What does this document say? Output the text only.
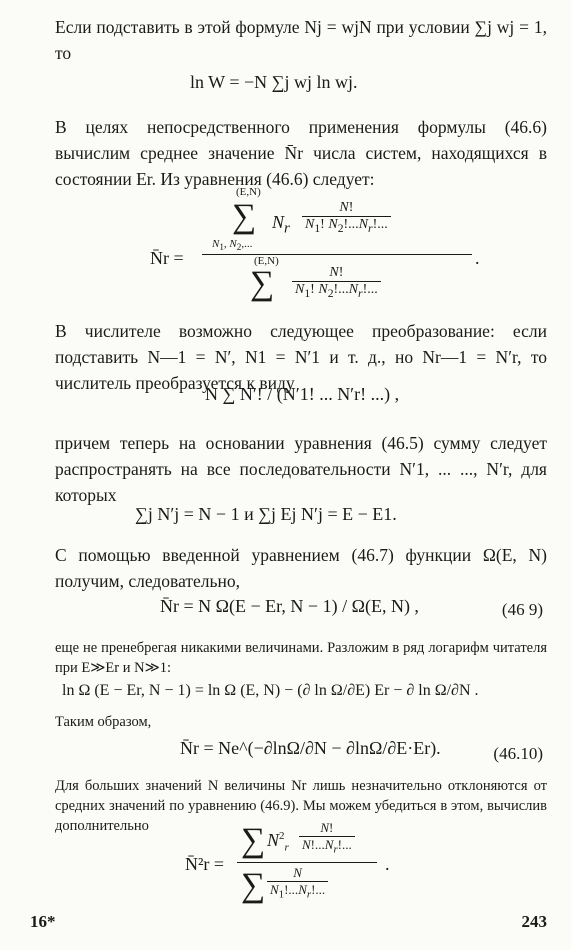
Если подставить в этой формуле Nj = wjN при условии ∑j wj = 1, то
ln W = −N ∑j wj ln wj.
В целях непосредственного применения формулы (46.6) вычислим среднее значение N̄r числа систем, находящихся в состоянии Er. Из уравнения (46.6) следует:
N̄r =
(E,N)
∑
$N_1$, $N_2$,...
$N_r \frac{N!}{N_1! N_2!...N_r!...}$
(E,N)
∑ $\frac{N!}{N_1! N_2!...N_r!...}$
.
В числителе возможно следующее преобразование: если подставить N—1 = N′, N1 = N′1 и т. д., но Nr—1 = N′r, то числитель преобразуется к виду
N ∑ N′! / (N′1! ... N′r! ...) ,
причем теперь на основании уравнения (46.5) сумму следует распространять на все последовательности N′1, ... ..., N′r, для которых
∑j N′j = N − 1 и ∑j Ej N′j = E − E1.
С помощью введенной уравнением (46.7) функции Ω(E, N) получим, следовательно,
N̄r = N Ω(E − Er, N − 1) / Ω(E, N) ,	(46 9)
еще не пренебрегая никакими величинами. Разложим в ряд логарифм читателя при E≫Er и N≫1:
ln Ω (E − Er, N − 1) = ln Ω (E, N) − (∂ ln Ω/∂E) Er − ∂ ln Ω/∂N .
Таким образом,
N̄r = Ne^(−∂lnΩ/∂N − ∂lnΩ/∂E·Er).	(46.10)
Для больших значений N величины Nr лишь незначительно отклоняются от средних значений по уравнению (46.9). Мы можем убедиться в этом, вычислив дополнительно
N̄²r =
∑ $N^2_r \frac{N!}{N!...N_r!...}$
∑ $\frac{N}{N_1!...N_r!...}$
.
16*	243
